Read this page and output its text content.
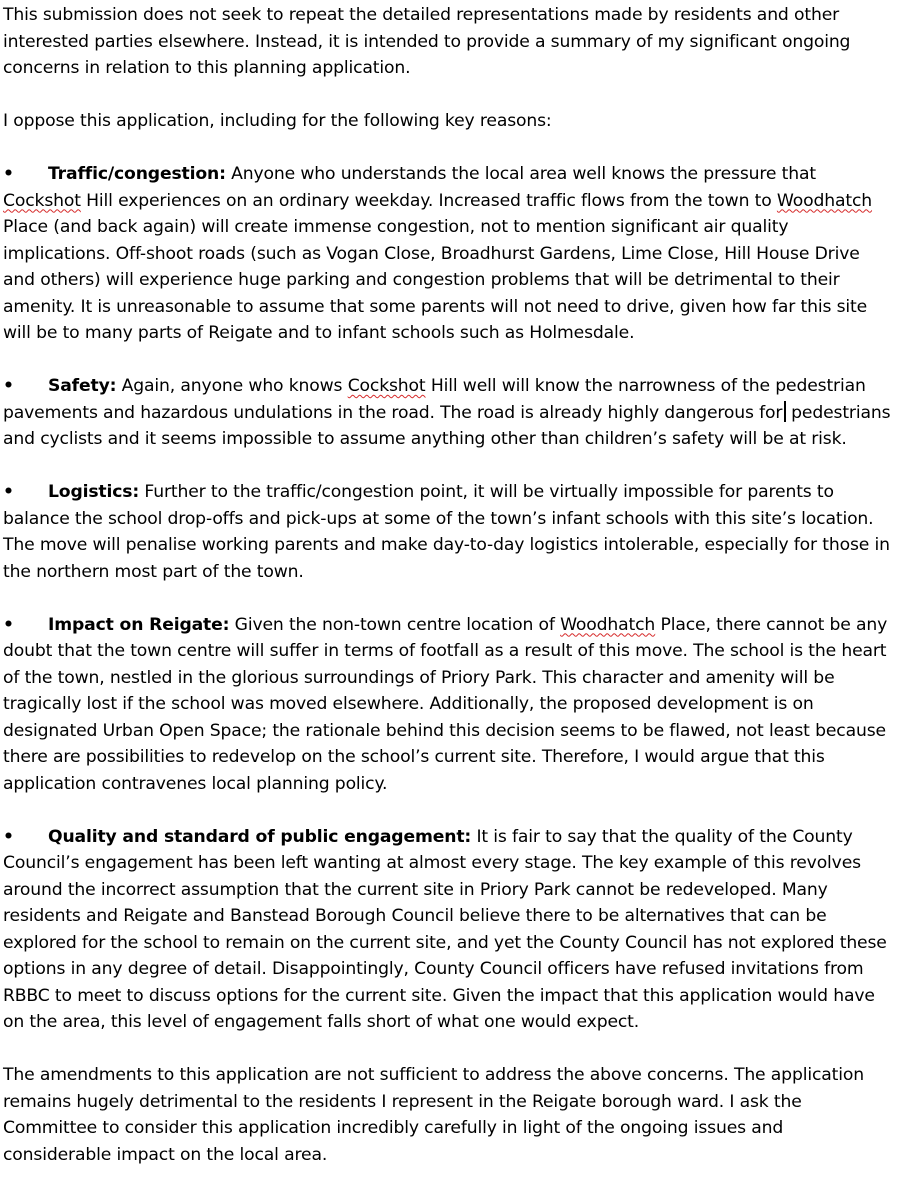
This submission does not seek to repeat the detailed representations made by residents and other interested parties elsewhere. Instead, it is intended to provide a summary of my significant ongoing concerns in relation to this planning application.

I oppose this application, including for the following key reasons:

• Traffic/congestion: Anyone who understands the local area well knows the pressure that Cockshot Hill experiences on an ordinary weekday. Increased traffic flows from the town to Woodhatch Place (and back again) will create immense congestion, not to mention significant air quality implications. Off-shoot roads (such as Vogan Close, Broadhurst Gardens, Lime Close, Hill House Drive and others) will experience huge parking and congestion problems that will be detrimental to their amenity. It is unreasonable to assume that some parents will not need to drive, given how far this site will be to many parts of Reigate and to infant schools such as Holmesdale.
• Safety: Again, anyone who knows Cockshot Hill well will know the narrowness of the pedestrian pavements and hazardous undulations in the road. The road is already highly dangerous for pedestrians and cyclists and it seems impossible to assume anything other than children’s safety will be at risk.
• Logistics: Further to the traffic/congestion point, it will be virtually impossible for parents to balance the school drop-offs and pick-ups at some of the town’s infant schools with this site’s location. The move will penalise working parents and make day-to-day logistics intolerable, especially for those in the northern most part of the town.
• Impact on Reigate: Given the non-town centre location of Woodhatch Place, there cannot be any doubt that the town centre will suffer in terms of footfall as a result of this move. The school is the heart of the town, nestled in the glorious surroundings of Priory Park. This character and amenity will be tragically lost if the school was moved elsewhere. Additionally, the proposed development is on designated Urban Open Space; the rationale behind this decision seems to be flawed, not least because there are possibilities to redevelop on the school’s current site. Therefore, I would argue that this application contravenes local planning policy.
• Quality and standard of public engagement: It is fair to say that the quality of the County Council’s engagement has been left wanting at almost every stage. The key example of this revolves around the incorrect assumption that the current site in Priory Park cannot be redeveloped. Many residents and Reigate and Banstead Borough Council believe there to be alternatives that can be explored for the school to remain on the current site, and yet the County Council has not explored these options in any degree of detail. Disappointingly, County Council officers have refused invitations from RBBC to meet to discuss options for the current site. Given the impact that this application would have on the area, this level of engagement falls short of what one would expect.

The amendments to this application are not sufficient to address the above concerns. The application remains hugely detrimental to the residents I represent in the Reigate borough ward. I ask the Committee to consider this application incredibly carefully in light of the ongoing issues and considerable impact on the local area.
